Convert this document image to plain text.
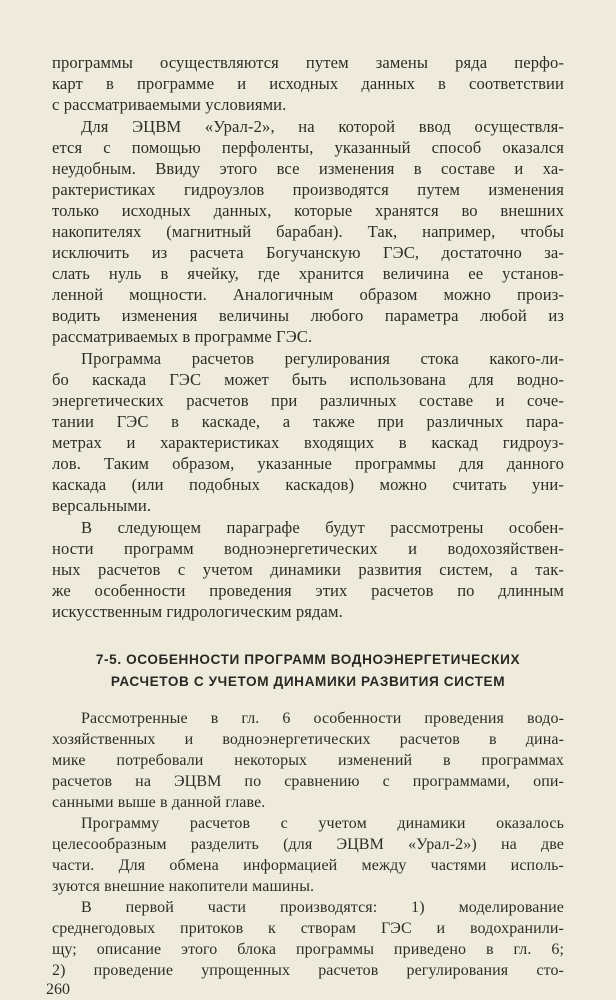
программы осуществляются путем замены ряда перфо-
карт в программе и исходных данных в соответствии
с рассматриваемыми условиями.
Для ЭЦВМ «Урал-2», на которой ввод осуществля-
ется с помощью перфоленты, указанный способ оказался
неудобным. Ввиду этого все изменения в составе и ха-
рактеристиках гидроузлов производятся путем изменения
только исходных данных, которые хранятся во внешних
накопителях (магнитный барабан). Так, например, чтобы
исключить из расчета Богучанскую ГЭС, достаточно за-
слать нуль в ячейку, где хранится величина ее установ-
ленной мощности. Аналогичным образом можно произ-
водить изменения величины любого параметра любой из
рассматриваемых в программе ГЭС.
Программа расчетов регулирования стока какого-ли-
бо каскада ГЭС может быть использована для водно-
энергетических расчетов при различных составе и соче-
тании ГЭС в каскаде, а также при различных пара-
метрах и характеристиках входящих в каскад гидроуз-
лов. Таким образом, указанные программы для данного
каскада (или подобных каскадов) можно считать уни-
версальными.
В следующем параграфе будут рассмотрены особен-
ности программ водноэнергетических и водохозяйствен-
ных расчетов с учетом динамики развития систем, а так-
же особенности проведения этих расчетов по длинным
искусственным гидрологическим рядам.
7-5. ОСОБЕННОСТИ ПРОГРАММ ВОДНОЭНЕРГЕТИЧЕСКИХ
РАСЧЕТОВ С УЧЕТОМ ДИНАМИКИ РАЗВИТИЯ СИСТЕМ
Рассмотренные в гл. 6 особенности проведения водо-
хозяйственных и водноэнергетических расчетов в дина-
мике потребовали некоторых изменений в программах
расчетов на ЭЦВМ по сравнению с программами, опи-
санными выше в данной главе.
Программу расчетов с учетом динамики оказалось
целесообразным разделить (для ЭЦВМ «Урал-2») на две
части. Для обмена информацией между частями исполь-
зуются внешние накопители машины.
В первой части производятся: 1) моделирование
среднегодовых притоков к створам ГЭС и водохранили-
щу; описание этого блока программы приведено в гл. 6;
2) проведение упрощенных расчетов регулирования сто-
260
